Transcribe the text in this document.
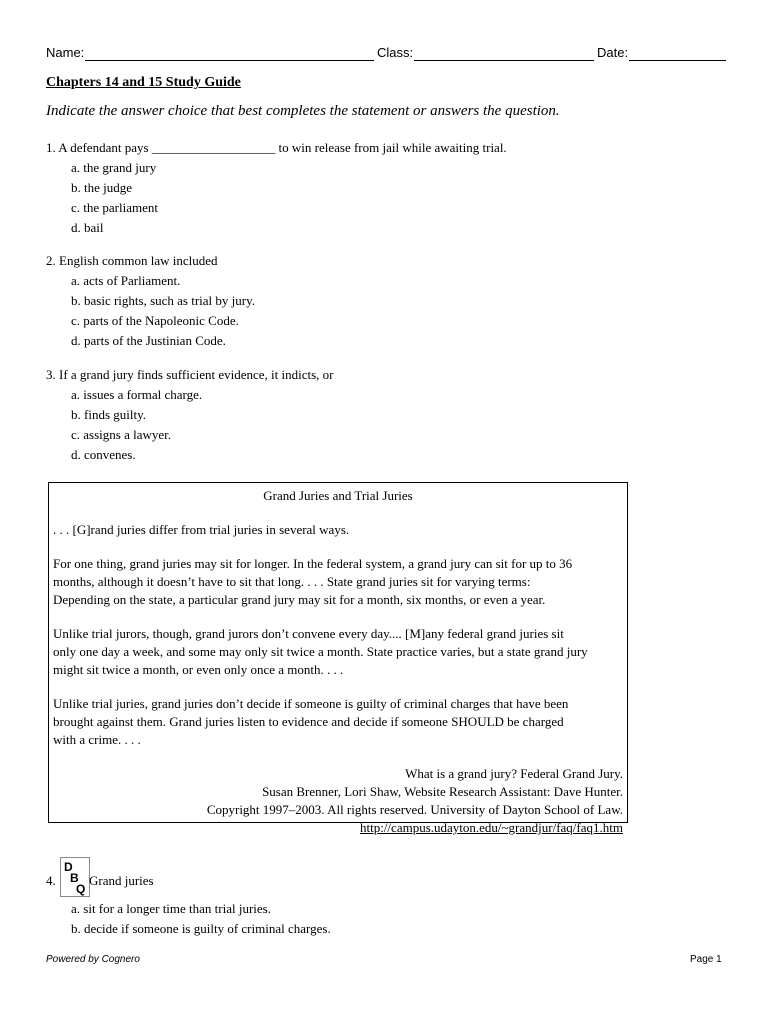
Name:	Class:	Date:
Chapters 14 and 15 Study Guide
Indicate the answer choice that best completes the statement or answers the question.
1. A defendant pays ___________________ to win release from jail while awaiting trial.
a. the grand jury
b. the judge
c. the parliament
d. bail
2. English common law included
a. acts of Parliament.
b. basic rights, such as trial by jury.
c. parts of the Napoleonic Code.
d. parts of the Justinian Code.
3. If a grand jury finds sufficient evidence, it indicts, or
a. issues a formal charge.
b. finds guilty.
c. assigns a lawyer.
d. convenes.
Grand Juries and Trial Juries

. . . [G]rand juries differ from trial juries in several ways.

For one thing, grand juries may sit for longer. In the federal system, a grand jury can sit for up to 36

months, although it doesn’t have to sit that long. . . . State grand juries sit for varying terms:

Depending on the state, a particular grand jury may sit for a month, six months, or even a year.

Unlike trial jurors, though, grand jurors don’t convene every day.... [M]any federal grand juries sit

only one day a week, and some may only sit twice a month. State practice varies, but a state grand jury

might sit twice a month, or even only once a month. . . .

Unlike trial juries, grand juries don’t decide if someone is guilty of criminal charges that have been

brought against them. Grand juries listen to evidence and decide if someone SHOULD be charged

with a crime. . . .

What is a grand jury? Federal Grand Jury.

Susan Brenner, Lori Shaw, Website Research Assistant: Dave Hunter.

Copyright 1997–2003. All rights reserved. University of Dayton School of Law.

http://campus.udayton.edu/~grandjur/faq/faq1.htm

4.
D
B
Q
Grand juries
a. sit for a longer time than trial juries.
b. decide if someone is guilty of criminal charges.
Powered by Cognero	Page 1
